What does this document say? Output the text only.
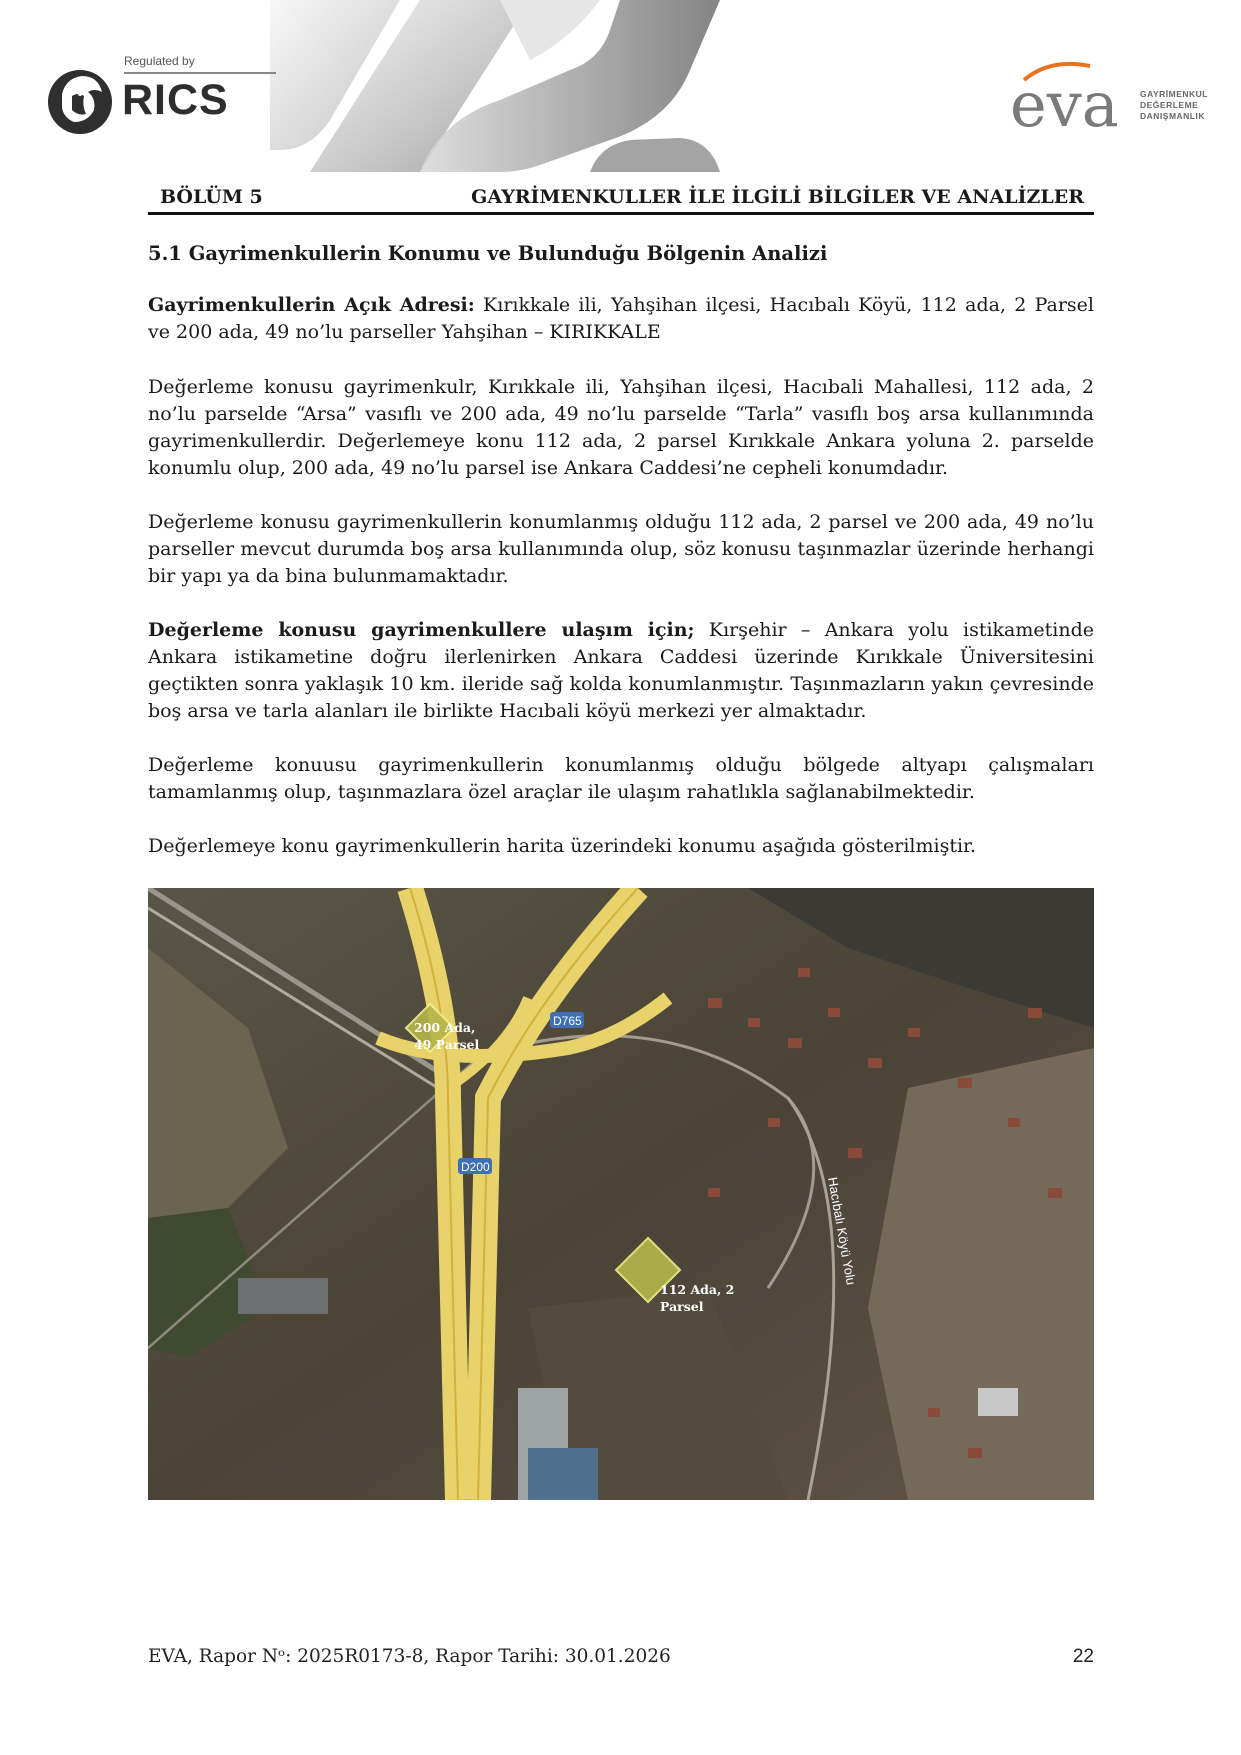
Regulated by
RICS	eva	GAYRİMENKUL
DEĞERLEME
DANIŞMANLIK
BÖLÜM 5	GAYRİMENKULLER İLE İLGİLİ BİLGİLER VE ANALİZLER
5.1 Gayrimenkullerin Konumu ve Bulunduğu Bölgenin Analizi

Gayrimenkullerin Açık Adresi: Kırıkkale ili, Yahşihan ilçesi, Hacıbalı Köyü, 112 ada, 2 Parsel ve 200 ada, 49 no’lu parseller Yahşihan – KIRIKKALE

Değerleme konusu gayrimenkulr, Kırıkkale ili, Yahşihan ilçesi, Hacıbali Mahallesi, 112 ada, 2 no’lu parselde “Arsa” vasıflı ve 200 ada, 49 no’lu parselde “Tarla” vasıflı boş arsa kullanımında gayrimenkullerdir. Değerlemeye konu 112 ada, 2 parsel Kırıkkale Ankara yoluna 2. parselde konumlu olup, 200 ada, 49 no’lu parsel ise Ankara Caddesi’ne cepheli konumdadır.

Değerleme konusu gayrimenkullerin konumlanmış olduğu 112 ada, 2 parsel ve 200 ada, 49 no’lu parseller mevcut durumda boş arsa kullanımında olup, söz konusu taşınmazlar üzerinde herhangi bir yapı ya da bina bulunmamaktadır.

Değerleme konusu gayrimenkullere ulaşım için; Kırşehir – Ankara yolu istikametinde Ankara istikametine doğru ilerlenirken Ankara Caddesi üzerinde Kırıkkale Üniversitesini geçtikten sonra yaklaşık 10 km. ileride sağ kolda konumlanmıştır. Taşınmazların yakın çevresinde boş arsa ve tarla alanları ile birlikte Hacıbali köyü merkezi yer almaktadır.

Değerleme konuusu gayrimenkullerin konumlanmış olduğu bölgede altyapı çalışmaları tamamlanmış olup, taşınmazlara özel araçlar ile ulaşım rahatlıkla sağlanabilmektedir.

Değerlemeye konu gayrimenkullerin harita üzerindeki konumu aşağıda gösterilmiştir.

200 Ada,
49 Parsel
112 Ada, 2
Parsel
D765
D200
Hacıbalı Köyü Yolu
EVA, Rapor Nᵒ: 2025R0173-8, Rapor Tarihi: 30.01.2026	22
